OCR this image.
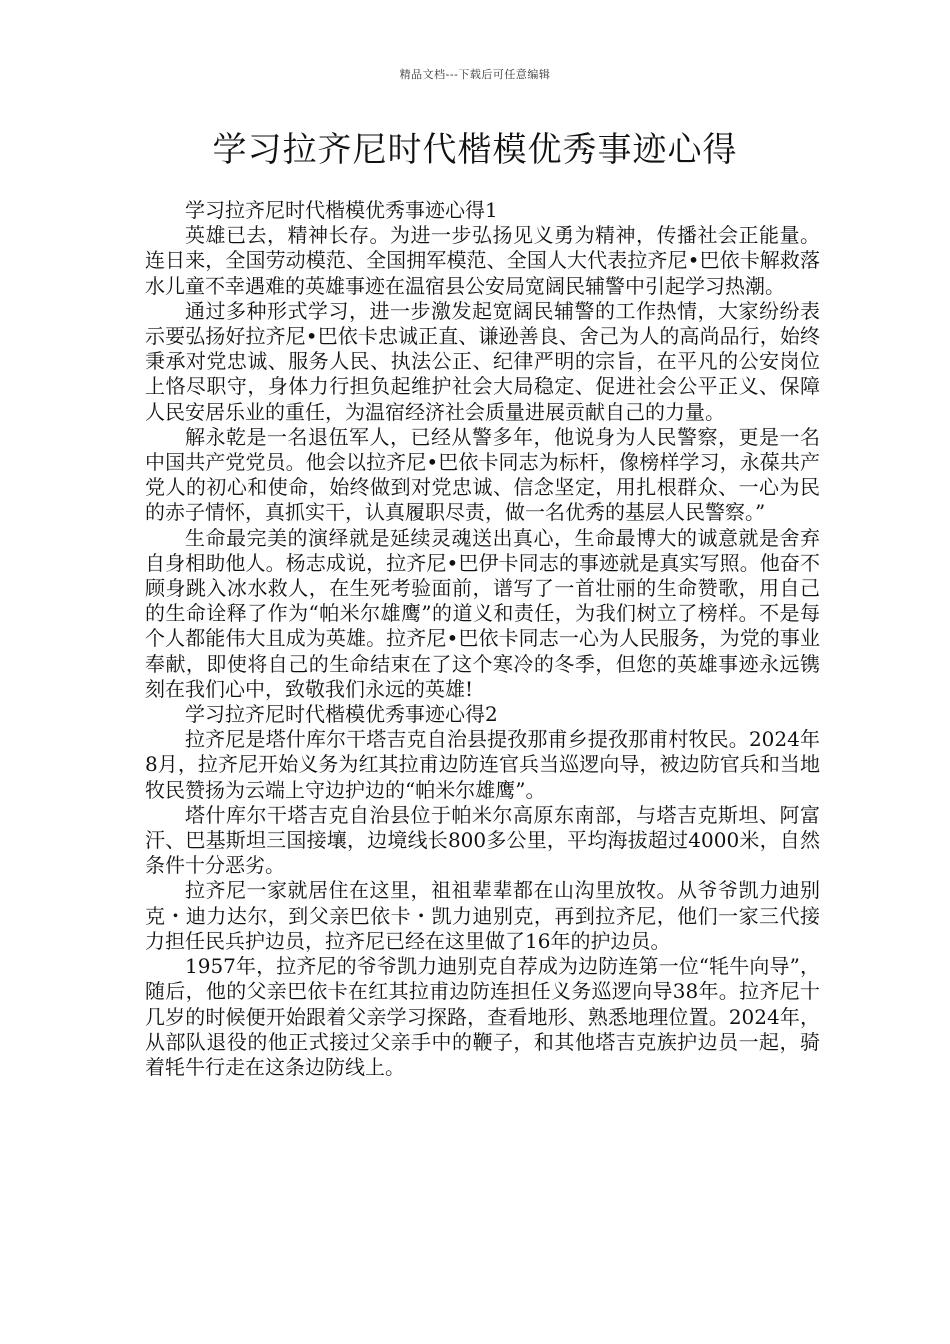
精品文档---下载后可任意编辑
学习拉齐尼时代楷模优秀事迹心得

学习拉齐尼时代楷模优秀事迹心得1

英雄已去，精神长存。为进一步弘扬见义勇为精神，传播社会正能量。连日来，全国劳动模范、全国拥军模范、全国人大代表拉齐尼•巴依卡解救落水儿童不幸遇难的英雄事迹在温宿县公安局宽阔民辅警中引起学习热潮。

通过多种形式学习，进一步激发起宽阔民辅警的工作热情，大家纷纷表示要弘扬好拉齐尼•巴依卡忠诚正直、谦逊善良、舍己为人的高尚品行，始终秉承对党忠诚、服务人民、执法公正、纪律严明的宗旨，在平凡的公安岗位上恪尽职守，身体力行担负起维护社会大局稳定、促进社会公平正义、保障人民安居乐业的重任，为温宿经济社会质量进展贡献自己的力量。

解永乾是一名退伍军人，已经从警多年，他说身为人民警察，更是一名中国共产党党员。他会以拉齐尼•巴依卡同志为标杆，像榜样学习，永葆共产党人的初心和使命，始终做到对党忠诚、信念坚定，用扎根群众、一心为民的赤子情怀，真抓实干，认真履职尽责，做一名优秀的基层人民警察。”

生命最完美的演绎就是延续灵魂送出真心，生命最博大的诚意就是舍弃自身相助他人。杨志成说，拉齐尼•巴伊卡同志的事迹就是真实写照。他奋不顾身跳入冰水救人，在生死考验面前，谱写了一首壮丽的生命赞歌，用自己的生命诠释了作为“帕米尔雄鹰”的道义和责任，为我们树立了榜样。不是每个人都能伟大且成为英雄。拉齐尼•巴依卡同志一心为人民服务，为党的事业奉献，即使将自己的生命结束在了这个寒冷的冬季，但您的英雄事迹永远镌刻在我们心中，致敬我们永远的英雄!

学习拉齐尼时代楷模优秀事迹心得2

拉齐尼是塔什库尔干塔吉克自治县提孜那甫乡提孜那甫村牧民。2024年8月，拉齐尼开始义务为红其拉甫边防连官兵当巡逻向导，被边防官兵和当地牧民赞扬为云端上守边护边的“帕米尔雄鹰”。

塔什库尔干塔吉克自治县位于帕米尔高原东南部，与塔吉克斯坦、阿富汗、巴基斯坦三国接壤，边境线长800多公里，平均海拔超过4000米，自然条件十分恶劣。

拉齐尼一家就居住在这里，祖祖辈辈都在山沟里放牧。从爷爷凯力迪别克・迪力达尔，到父亲巴依卡・凯力迪别克，再到拉齐尼，他们一家三代接力担任民兵护边员，拉齐尼已经在这里做了16年的护边员。

1957年，拉齐尼的爷爷凯力迪别克自荐成为边防连第一位“牦牛向导”，随后，他的父亲巴依卡在红其拉甫边防连担任义务巡逻向导38年。拉齐尼十几岁的时候便开始跟着父亲学习探路，查看地形、熟悉地理位置。2024年，从部队退役的他正式接过父亲手中的鞭子，和其他塔吉克族护边员一起，骑着牦牛行走在这条边防线上。
